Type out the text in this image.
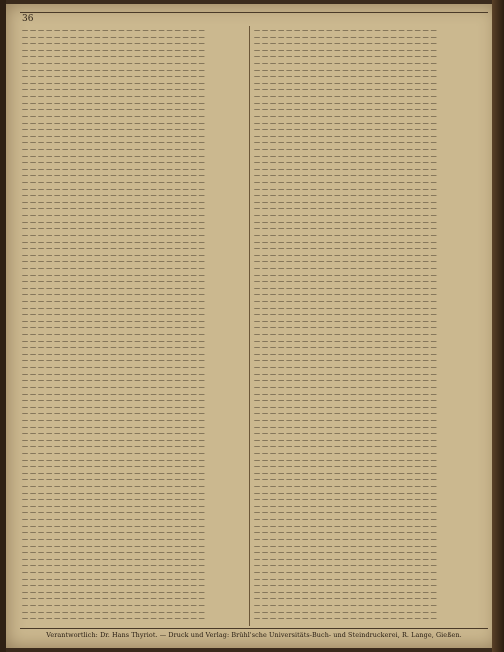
36
— — — — — — — — — — — — — — — — — — — — — — —
— — — — — — — — — — — — — — — — — — — — — — —
— — — — — — — — — — — — — — — — — — — — — — —
— — — — — — — — — — — — — — — — — — — — — — —
— — — — — — — — — — — — — — — — — — — — — — —
— — — — — — — — — — — — — — — — — — — — — — —
— — — — — — — — — — — — — — — — — — — — — — —
— — — — — — — — — — — — — — — — — — — — — — —
— — — — — — — — — — — — — — — — — — — — — — —
— — — — — — — — — — — — — — — — — — — — — — —
— — — — — — — — — — — — — — — — — — — — — — —
— — — — — — — — — — — — — — — — — — — — — — —
— — — — — — — — — — — — — — — — — — — — — — —
— — — — — — — — — — — — — — — — — — — — — — —
— — — — — — — — — — — — — — — — — — — — — — —
— — — — — — — — — — — — — — — — — — — — — — —
— — — — — — — — — — — — — — — — — — — — — — —
— — — — — — — — — — — — — — — — — — — — — — —
— — — — — — — — — — — — — — — — — — — — — — —
— — — — — — — — — — — — — — — — — — — — — — —
— — — — — — — — — — — — — — — — — — — — — — —
— — — — — — — — — — — — — — — — — — — — — — —
— — — — — — — — — — — — — — — — — — — — — — —
— — — — — — — — — — — — — — — — — — — — — — —
— — — — — — — — — — — — — — — — — — — — — — —
— — — — — — — — — — — — — — — — — — — — — — —
— — — — — — — — — — — — — — — — — — — — — — —
— — — — — — — — — — — — — — — — — — — — — — —
— — — — — — — — — — — — — — — — — — — — — — —
— — — — — — — — — — — — — — — — — — — — — — —
— — — — — — — — — — — — — — — — — — — — — — —
— — — — — — — — — — — — — — — — — — — — — — —
— — — — — — — — — — — — — — — — — — — — — — —
— — — — — — — — — — — — — — — — — — — — — — —
— — — — — — — — — — — — — — — — — — — — — — —
— — — — — — — — — — — — — — — — — — — — — — —
— — — — — — — — — — — — — — — — — — — — — — —
— — — — — — — — — — — — — — — — — — — — — — —
— — — — — — — — — — — — — — — — — — — — — — —
— — — — — — — — — — — — — — — — — — — — — — —
— — — — — — — — — — — — — — — — — — — — — — —
— — — — — — — — — — — — — — — — — — — — — — —
— — — — — — — — — — — — — — — — — — — — — — —
— — — — — — — — — — — — — — — — — — — — — — —
— — — — — — — — — — — — — — — — — — — — — — —
— — — — — — — — — — — — — — — — — — — — — — —
— — — — — — — — — — — — — — — — — — — — — — —
— — — — — — — — — — — — — — — — — — — — — — —
— — — — — — — — — — — — — — — — — — — — — — —
— — — — — — — — — — — — — — — — — — — — — — —
— — — — — — — — — — — — — — — — — — — — — — —
— — — — — — — — — — — — — — — — — — — — — — —
— — — — — — — — — — — — — — — — — — — — — — —
— — — — — — — — — — — — — — — — — — — — — — —
— — — — — — — — — — — — — — — — — — — — — — —
— — — — — — — — — — — — — — — — — — — — — — —
— — — — — — — — — — — — — — — — — — — — — — —
— — — — — — — — — — — — — — — — — — — — — — —
— — — — — — — — — — — — — — — — — — — — — — —
— — — — — — — — — — — — — — — — — — — — — — —
— — — — — — — — — — — — — — — — — — — — — — —
— — — — — — — — — — — — — — — — — — — — — — —
— — — — — — — — — — — — — — — — — — — — — — —
— — — — — — — — — — — — — — — — — — — — — — —
— — — — — — — — — — — — — — — — — — — — — — —
— — — — — — — — — — — — — — — — — — — — — — —
— — — — — — — — — — — — — — — — — — — — — — —
— — — — — — — — — — — — — — — — — — — — — — —
— — — — — — — — — — — — — — — — — — — — — — —
— — — — — — — — — — — — — — — — — — — — — — —
— — — — — — — — — — — — — — — — — — — — — — —
— — — — — — — — — — — — — — — — — — — — — — —
— — — — — — — — — — — — — — — — — — — — — — —
— — — — — — — — — — — — — — — — — — — — — — —
— — — — — — — — — — — — — — — — — — — — — — —
— — — — — — — — — — — — — — — — — — — — — — —
— — — — — — — — — — — — — — — — — — — — — — —
— — — — — — — — — — — — — — — — — — — — — — —
— — — — — — — — — — — — — — — — — — — — — — —
— — — — — — — — — — — — — — — — — — — — — — —
— — — — — — — — — — — — — — — — — — — — — — —
— — — — — — — — — — — — — — — — — — — — — — —
— — — — — — — — — — — — — — — — — — — — — — —
— — — — — — — — — — — — — — — — — — — — — — —
— — — — — — — — — — — — — — — — — — — — — — —
— — — — — — — — — — — — — — — — — — — — — — —
— — — — — — — — — — — — — — — — — — — — — — —
— — — — — — — — — — — — — — — — — — — — — — —
— — — — — — — — — — — — — — — — — — — — — — —
— — — — — — — — — — — — — — — — — — — — — — —
— — — — — — — — — — — — — — — — — — — — — — —
— — — — — — — — — — — — — — — — — — — — — — —
— — — — — — — — — — — — — — — — — — — — — — —
— — — — — — — — — — — — — — — — — — — — — — —
— — — — — — — — — — — — — — — — — — — — — — —
— — — — — — — — — — — — — — — — — — — — — — —
— — — — — — — — — — — — — — — — — — — — — — —
— — — — — — — — — — — — — — — — — — — — — — —
— — — — — — — — — — — — — — — — — — — — — — —
— — — — — — — — — — — — — — — — — — — — — — —
— — — — — — — — — — — — — — — — — — — — — — —
— — — — — — — — — — — — — — — — — — — — — — —
— — — — — — — — — — — — — — — — — — — — — — —
— — — — — — — — — — — — — — — — — — — — — — —
— — — — — — — — — — — — — — — — — — — — — — —
— — — — — — — — — — — — — — — — — — — — — — —
— — — — — — — — — — — — — — — — — — — — — — —
— — — — — — — — — — — — — — — — — — — — — — —
— — — — — — — — — — — — — — — — — — — — — — —
— — — — — — — — — — — — — — — — — — — — — — —
— — — — — — — — — — — — — — — — — — — — — — —
— — — — — — — — — — — — — — — — — — — — — — —
— — — — — — — — — — — — — — — — — — — — — — —
— — — — — — — — — — — — — — — — — — — — — — —
— — — — — — — — — — — — — — — — — — — — — — —
— — — — — — — — — — — — — — — — — — — — — — —
— — — — — — — — — — — — — — — — — — — — — — —
— — — — — — — — — — — — — — — — — — — — — — —
— — — — — — — — — — — — — — — — — — — — — — —
— — — — — — — — — — — — — — — — — — — — — — —
— — — — — — — — — — — — — — — — — — — — — — —
— — — — — — — — — — — — — — — — — — — — — — —
— — — — — — — — — — — — — — — — — — — — — — —
— — — — — — — — — — — — — — — — — — — — — — —
— — — — — — — — — — — — — — — — — — — — — — —
— — — — — — — — — — — — — — — — — — — — — — —
— — — — — — — — — — — — — — — — — — — — — — —
— — — — — — — — — — — — — — — — — — — — — — —
— — — — — — — — — — — — — — — — — — — — — — —
— — — — — — — — — — — — — — — — — — — — — — —
— — — — — — — — — — — — — — — — — — — — — — —
— — — — — — — — — — — — — — — — — — — — — — —
— — — — — — — — — — — — — — — — — — — — — — —
— — — — — — — — — — — — — — — — — — — — — — —
— — — — — — — — — — — — — — — — — — — — — — —
— — — — — — — — — — — — — — — — — — — — — — —
— — — — — — — — — — — — — — — — — — — — — — —
— — — — — — — — — — — — — — — — — — — — — — —
— — — — — — — — — — — — — — — — — — — — — — —
— — — — — — — — — — — — — — — — — — — — — — —
— — — — — — — — — — — — — — — — — — — — — — —
— — — — — — — — — — — — — — — — — — — — — — —
— — — — — — — — — — — — — — — — — — — — — — —
— — — — — — — — — — — — — — — — — — — — — — —
— — — — — — — — — — — — — — — — — — — — — — —
— — — — — — — — — — — — — — — — — — — — — — —
— — — — — — — — — — — — — — — — — — — — — — —
— — — — — — — — — — — — — — — — — — — — — — —
— — — — — — — — — — — — — — — — — — — — — — —
— — — — — — — — — — — — — — — — — — — — — — —
— — — — — — — — — — — — — — — — — — — — — — —
— — — — — — — — — — — — — — — — — — — — — — —
— — — — — — — — — — — — — — — — — — — — — — —
— — — — — — — — — — — — — — — — — — — — — — —
— — — — — — — — — — — — — — — — — — — — — — —
— — — — — — — — — — — — — — — — — — — — — — —
— — — — — — — — — — — — — — — — — — — — — — —
— — — — — — — — — — — — — — — — — — — — — — —
— — — — — — — — — — — — — — — — — — — — — — —
— — — — — — — — — — — — — — — — — — — — — — —
— — — — — — — — — — — — — — — — — — — — — — —
— — — — — — — — — — — — — — — — — — — — — — —
— — — — — — — — — — — — — — — — — — — — — — —
— — — — — — — — — — — — — — — — — — — — — — —
— — — — — — — — — — — — — — — — — — — — — — —
— — — — — — — — — — — — — — — — — — — — — — —
— — — — — — — — — — — — — — — — — — — — — — —
— — — — — — — — — — — — — — — — — — — — — — —
— — — — — — — — — — — — — — — — — — — — — — —
— — — — — — — — — — — — — — — — — — — — — — —
— — — — — — — — — — — — — — — — — — — — — — —
— — — — — — — — — — — — — — — — — — — — — — —
— — — — — — — — — — — — — — — — — — — — — — —
— — — — — — — — — — — — — — — — — — — — — — —
— — — — — — — — — — — — — — — — — — — — — — —
— — — — — — — — — — — — — — — — — — — — — — —
— — — — — — — — — — — — — — — — — — — — — — —
— — — — — — — — — — — — — — — — — — — — — — —
— — — — — — — — — — — — — — — — — — — — — — —
— — — — — — — — — — — — — — — — — — — — — — —
Verantwortlich: Dr. Hans Thyriot. — Druck und Verlag: Brühl'sche Universitäts-Buch- und Steindruckerei, R. Lange, Gießen.
